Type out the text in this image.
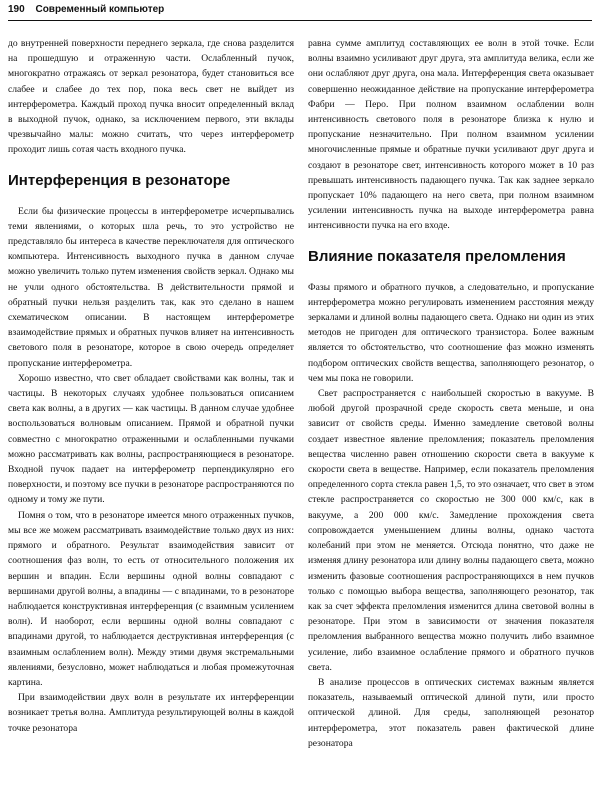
190 Современный компьютер

до внутренней поверхности переднего зеркала, где снова разделится на прошедшую и отраженную части. Ослабленный пучок, многократно отражаясь от зеркал резонатора, будет становиться все слабее и слабее до тех пор, пока весь свет не выйдет из интерферометра. Каждый проход пучка вносит определенный вклад в выходной пучок, однако, за исключением первого, эти вклады чрезвычайно малы: можно считать, что через интерферометр проходит лишь сотая часть входного пучка.

Интерференция в резонаторе

Если бы физические процессы в интерферометре исчерпывались теми явлениями, о которых шла речь, то это устройство не представляло бы интереса в качестве переключателя для оптического компьютера. Интенсивность выходного пучка в данном случае можно увеличить только путем изменения свойств зеркал. Однако мы не учли одного обстоятельства. В действительности прямой и обратный пучки нельзя разделить так, как это сделано в нашем схематическом описании. В настоящем интерферометре взаимодействие прямых и обратных пучков влияет на интенсивность светового поля в резонаторе, которое в свою очередь определяет пропускание интерферометра.

Хорошо известно, что свет обладает свойствами как волны, так и частицы. В некоторых случаях удобнее пользоваться описанием света как волны, а в других — как частицы. В данном случае удобнее воспользоваться волновым описанием. Прямой и обратной пучки совместно с многократно отраженными и ослабленными пучками можно рассматривать как волны, распространяющиеся в резонаторе. Входной пучок падает на интерферометр перпендикулярно его поверхности, и поэтому все пучки в резонаторе распространяются по одному и тому же пути.

Помня о том, что в резонаторе имеется много отраженных пучков, мы все же можем рассматривать взаимодействие только двух из них: прямого и обратного. Результат взаимодействия зависит от соотношения фаз волн, то есть от относительного положения их вершин и впадин. Если вершины одной волны совпадают с вершинами другой волны, а впадины — с впадинами, то в резонаторе наблюдается конструктивная интерференция (с взаимным усилением волн). И наоборот, если вершины одной волны совпадают с впадинами другой, то наблюдается деструктивная интерференция (с взаимным ослаблением волн). Между этими двумя экстремальными явлениями, безусловно, может наблюдаться и любая промежуточная картина.

При взаимодействии двух волн в результате их интерференции возникает третья волна. Амплитуда результирующей волны в каждой точке резонатора

равна сумме амплитуд составляющих ее волн в этой точке. Если волны взаимно усиливают друг друга, эта амплитуда велика, если же они ослабляют друг друга, она мала. Интерференция света оказывает совершенно неожиданное действие на пропускание интерферометра Фабри — Перо. При полном взаимном ослаблении волн интенсивность светового поля в резонаторе близка к нулю и пропускание незначительно. При полном взаимном усилении многочисленные прямые и обратные пучки усиливают друг друга и создают в резонаторе свет, интенсивность которого может в 10 раз превышать интенсивность падающего пучка. Так как заднее зеркало пропускает 10% падающего на него света, при полном взаимном усилении интенсивность пучка на выходе интерферометра равна интенсивности пучка на его входе.

Влияние показателя преломления

Фазы прямого и обратного пучков, а следовательно, и пропускание интерферометра можно регулировать изменением расстояния между зеркалами и длиной волны падающего света. Однако ни один из этих методов не пригоден для оптического транзистора. Более важным является то обстоятельство, что соотношение фаз можно изменять подбором оптических свойств вещества, заполняющего резонатор, о чем мы пока не говорили.

Свет распространяется с наибольшей скоростью в вакууме. В любой другой прозрачной среде скорость света меньше, и она зависит от свойств среды. Именно замедление световой волны создает известное явление преломления; показатель преломления вещества численно равен отношению скорости света в вакууме к скорости света в веществе. Например, если показатель преломления определенного сорта стекла равен 1,5, то это означает, что свет в этом стекле распространяется со скоростью не 300 000 км/с, как в вакууме, а 200 000 км/с. Замедление прохождения света сопровождается уменьшением длины волны, однако частота колебаний при этом не меняется. Отсюда понятно, что даже не изменяя длину резонатора или длину волны падающего света, можно изменить фазовые соотношения распространяющихся в нем пучков только с помощью выбора вещества, заполняющего резонатор, так как за счет эффекта преломления изменится длина световой волны в резонаторе. При этом в зависимости от значения показателя преломления выбранного вещества можно получить либо взаимное усиление, либо взаимное ослабление прямого и обратного пучков света.

В анализе процессов в оптических системах важным является показатель, называемый оптической длиной пути, или просто оптической длиной. Для среды, заполняющей резонатор интерферометра, этот показатель равен фактической длине резонатора
